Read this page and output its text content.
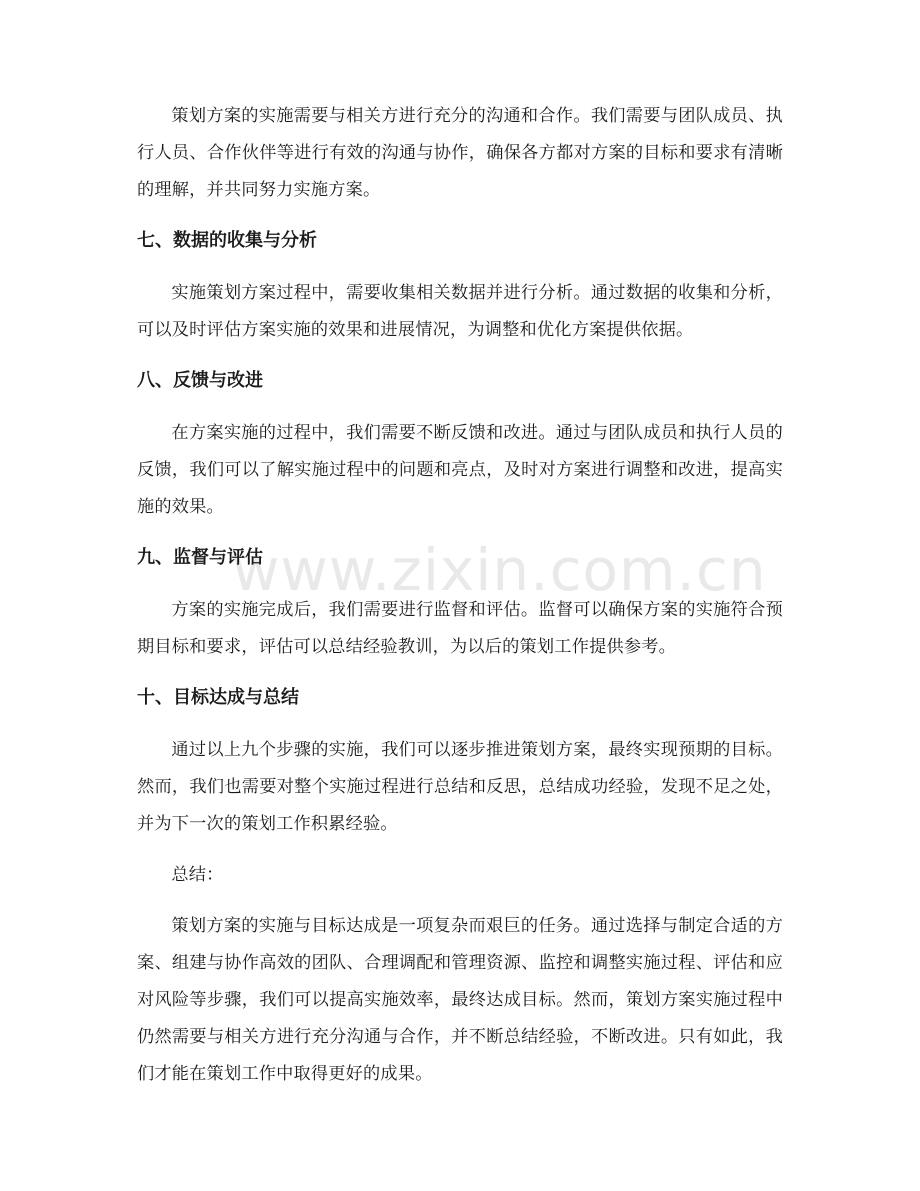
www.zixin.com.cn

策划方案的实施需要与相关方进行充分的沟通和合作。我们需要与团队成员、执行人员、合作伙伴等进行有效的沟通与协作，确保各方都对方案的目标和要求有清晰的理解，并共同努力实施方案。

七、数据的收集与分析

实施策划方案过程中，需要收集相关数据并进行分析。通过数据的收集和分析，可以及时评估方案实施的效果和进展情况，为调整和优化方案提供依据。

八、反馈与改进

在方案实施的过程中，我们需要不断反馈和改进。通过与团队成员和执行人员的反馈，我们可以了解实施过程中的问题和亮点，及时对方案进行调整和改进，提高实施的效果。

九、监督与评估

方案的实施完成后，我们需要进行监督和评估。监督可以确保方案的实施符合预期目标和要求，评估可以总结经验教训，为以后的策划工作提供参考。

十、目标达成与总结

通过以上九个步骤的实施，我们可以逐步推进策划方案，最终实现预期的目标。然而，我们也需要对整个实施过程进行总结和反思，总结成功经验，发现不足之处，并为下一次的策划工作积累经验。

总结：

策划方案的实施与目标达成是一项复杂而艰巨的任务。通过选择与制定合适的方案、组建与协作高效的团队、合理调配和管理资源、监控和调整实施过程、评估和应对风险等步骤，我们可以提高实施效率，最终达成目标。然而，策划方案实施过程中仍然需要与相关方进行充分沟通与合作，并不断总结经验，不断改进。只有如此，我们才能在策划工作中取得更好的成果。
